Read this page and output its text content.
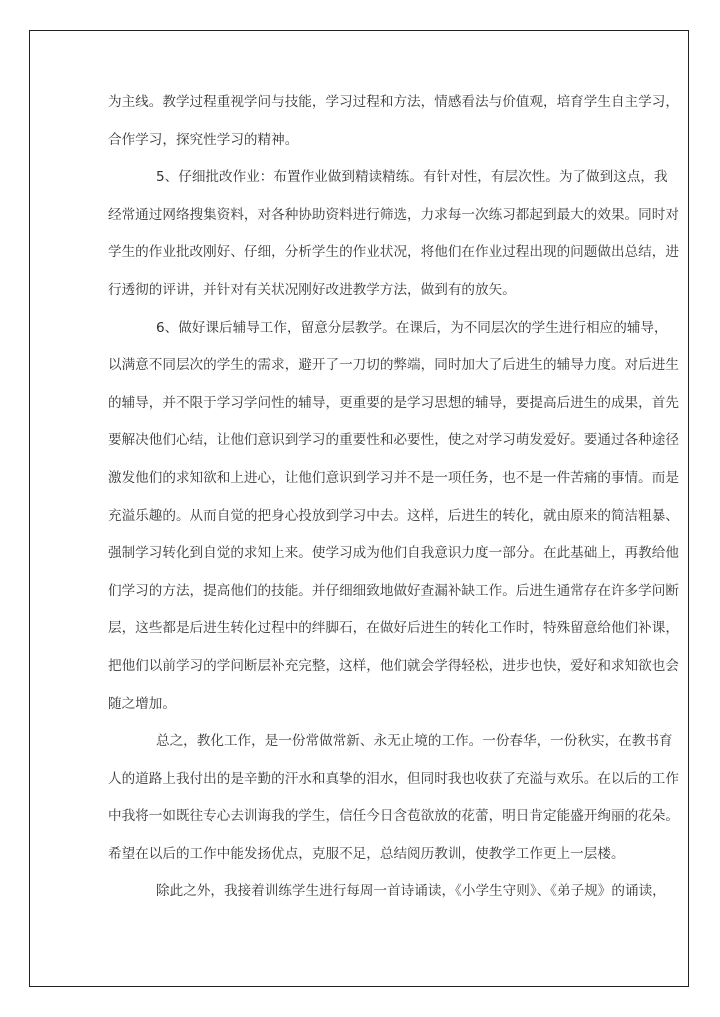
为主线。教学过程重视学问与技能，学习过程和方法，情感看法与价值观，培育学生自主学习，
合作学习，探究性学习的精神。
5、仔细批改作业：布置作业做到精读精练。有针对性，有层次性。为了做到这点，我
经常通过网络搜集资料，对各种协助资料进行筛选，力求每一次练习都起到最大的效果。同时对
学生的作业批改刚好、仔细，分析学生的作业状况，将他们在作业过程出现的问题做出总结，进
行透彻的评讲，并针对有关状况刚好改进教学方法，做到有的放矢。
6、做好课后辅导工作，留意分层教学。在课后，为不同层次的学生进行相应的辅导，
以满意不同层次的学生的需求，避开了一刀切的弊端，同时加大了后进生的辅导力度。对后进生
的辅导，并不限于学习学问性的辅导，更重要的是学习思想的辅导，要提高后进生的成果，首先
要解决他们心结，让他们意识到学习的重要性和必要性，使之对学习萌发爱好。要通过各种途径
激发他们的求知欲和上进心，让他们意识到学习并不是一项任务，也不是一件苦痛的事情。而是
充溢乐趣的。从而自觉的把身心投放到学习中去。这样，后进生的转化，就由原来的简洁粗暴、
强制学习转化到自觉的求知上来。使学习成为他们自我意识力度一部分。在此基础上，再教给他
们学习的方法，提高他们的技能。并仔细细致地做好查漏补缺工作。后进生通常存在许多学问断
层，这些都是后进生转化过程中的绊脚石，在做好后进生的转化工作时，特殊留意给他们补课，
把他们以前学习的学问断层补充完整，这样，他们就会学得轻松，进步也快，爱好和求知欲也会
随之增加。
总之，教化工作，是一份常做常新、永无止境的工作。一份春华，一份秋实，在教书育
人的道路上我付出的是辛勤的汗水和真挚的泪水，但同时我也收获了充溢与欢乐。在以后的工作
中我将一如既往专心去训诲我的学生，信任今日含苞欲放的花蕾，明日肯定能盛开绚丽的花朵。
希望在以后的工作中能发扬优点，克服不足，总结阅历教训，使教学工作更上一层楼。
除此之外，我接着训练学生进行每周一首诗诵读，《小学生守则》、《弟子规》的诵读，
